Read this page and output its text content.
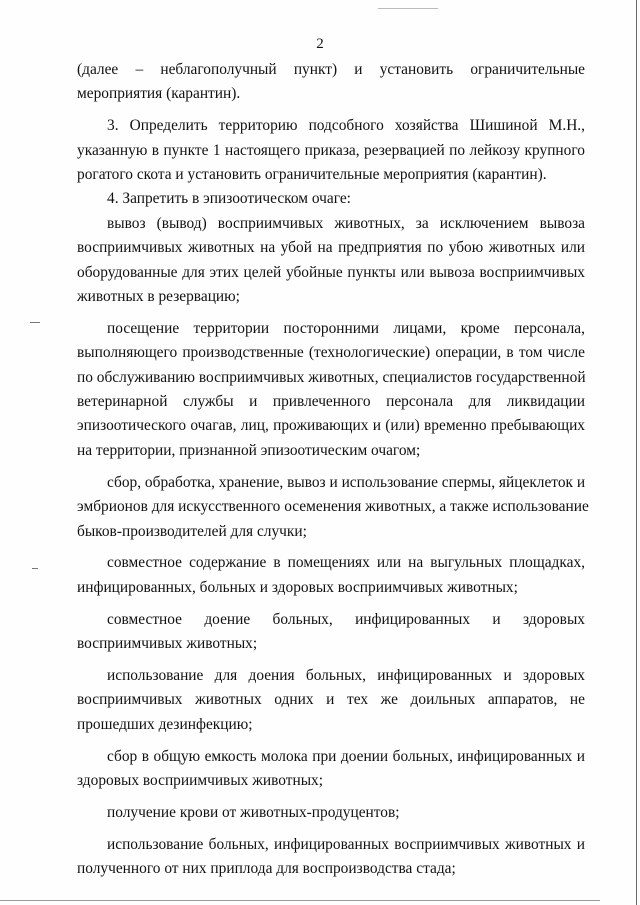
2
(далее – неблагополучный пункт) и установить ограничительные
мероприятия (карантин).
3. Определить территорию подсобного хозяйства Шишиной М.Н.,
указанную в пункте 1 настоящего приказа, резервацией по лейкозу крупного
рогатого скота и установить ограничительные мероприятия (карантин).
4. Запретить в эпизоотическом очаге:
вывоз (вывод) восприимчивых животных, за исключением вывоза
восприимчивых животных на убой на предприятия по убою животных или
оборудованные для этих целей убойные пункты или вывоза восприимчивых
животных в резервацию;
посещение территории посторонними лицами, кроме персонала,
выполняющего производственные (технологические) операции, в том числе
по обслуживанию восприимчивых животных, специалистов государственной
ветеринарной службы и привлеченного персонала для ликвидации
эпизоотического очагав, лиц, проживающих и (или) временно пребывающих
на территории, признанной эпизоотическим очагом;
сбор, обработка, хранение, вывоз и использование спермы, яйцеклеток и
эмбрионов для искусственного осеменения животных, а также использование
быков-производителей для случки;
совместное содержание в помещениях или на выгульных площадках,
инфицированных, больных и здоровых восприимчивых животных;
совместное доение больных, инфицированных и здоровых
восприимчивых животных;
использование для доения больных, инфицированных и здоровых
восприимчивых животных одних и тех же доильных аппаратов, не
прошедших дезинфекцию;
сбор в общую емкость молока при доении больных, инфицированных и
здоровых восприимчивых животных;
получение крови от животных-продуцентов;
использование больных, инфицированных восприимчивых животных и
полученного от них приплода для воспроизводства стада;
